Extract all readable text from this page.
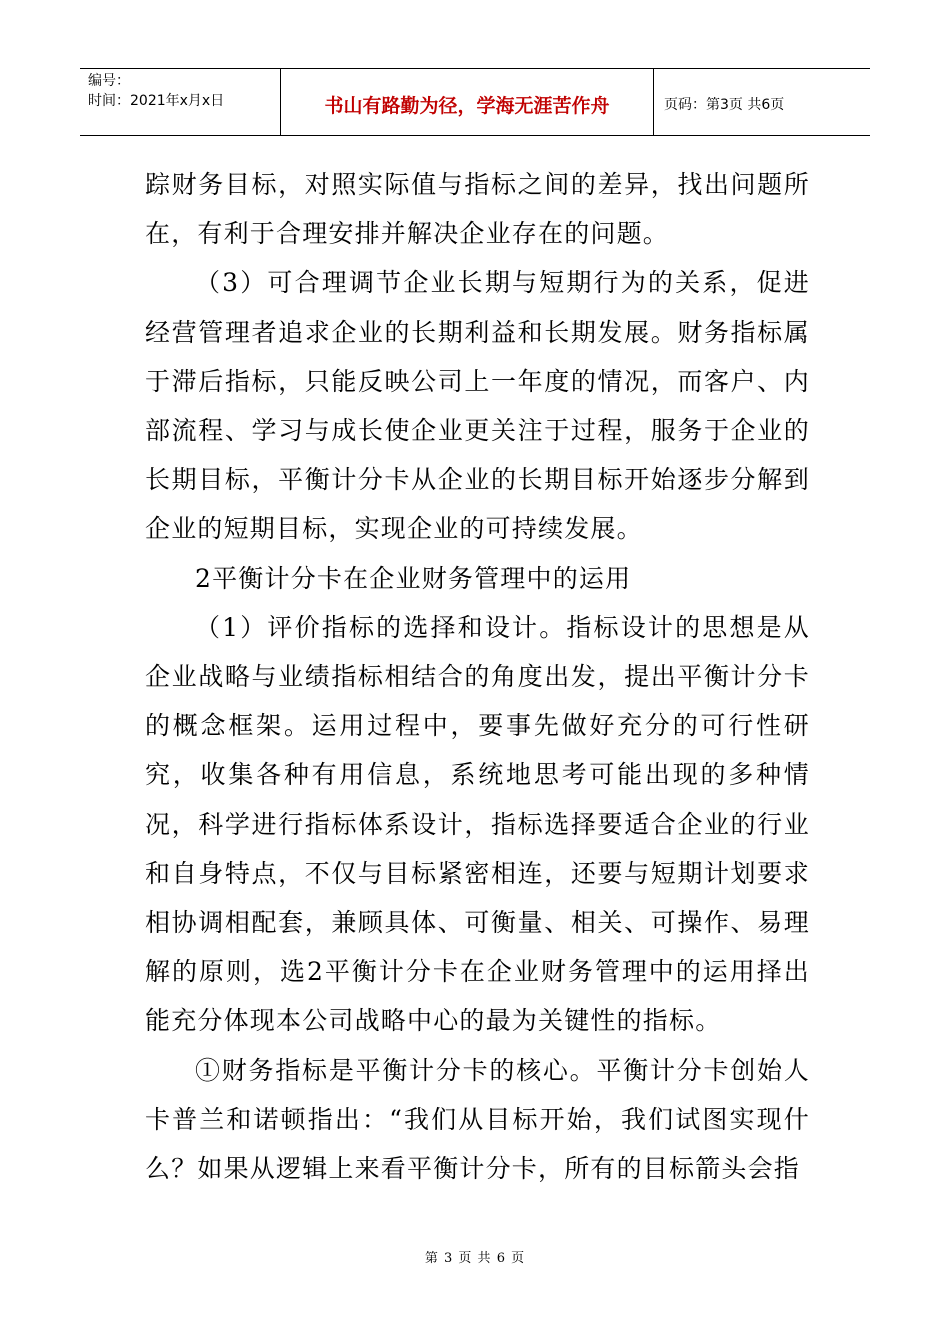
编号：
时间：2021年x月x日	书山有路勤为径，学海无涯苦作舟	页码：第3页 共6页

踪财务目标，对照实际值与指标之间的差异，找出问题所在，有利于合理安排并解决企业存在的问题。

（3）可合理调节企业长期与短期行为的关系，促进经营管理者追求企业的长期利益和长期发展。财务指标属于滞后指标，只能反映公司上一年度的情况，而客户、内部流程、学习与成长使企业更关注于过程，服务于企业的长期目标，平衡计分卡从企业的长期目标开始逐步分解到企业的短期目标，实现企业的可持续发展。

2平衡计分卡在企业财务管理中的运用

（1）评价指标的选择和设计。指标设计的思想是从企业战略与业绩指标相结合的角度出发，提出平衡计分卡的概念框架。运用过程中，要事先做好充分的可行性研究，收集各种有用信息，系统地思考可能出现的多种情况，科学进行指标体系设计，指标选择要适合企业的行业和自身特点，不仅与目标紧密相连，还要与短期计划要求相协调相配套，兼顾具体、可衡量、相关、可操作、易理解的原则，选2平衡计分卡在企业财务管理中的运用择出能充分体现本公司战略中心的最为关键性的指标。

①财务指标是平衡计分卡的核心。平衡计分卡创始人卡普兰和诺顿指出：“我们从目标开始，我们试图实现什么？如果从逻辑上来看平衡计分卡，所有的目标箭头会指

第 3 页 共 6 页
